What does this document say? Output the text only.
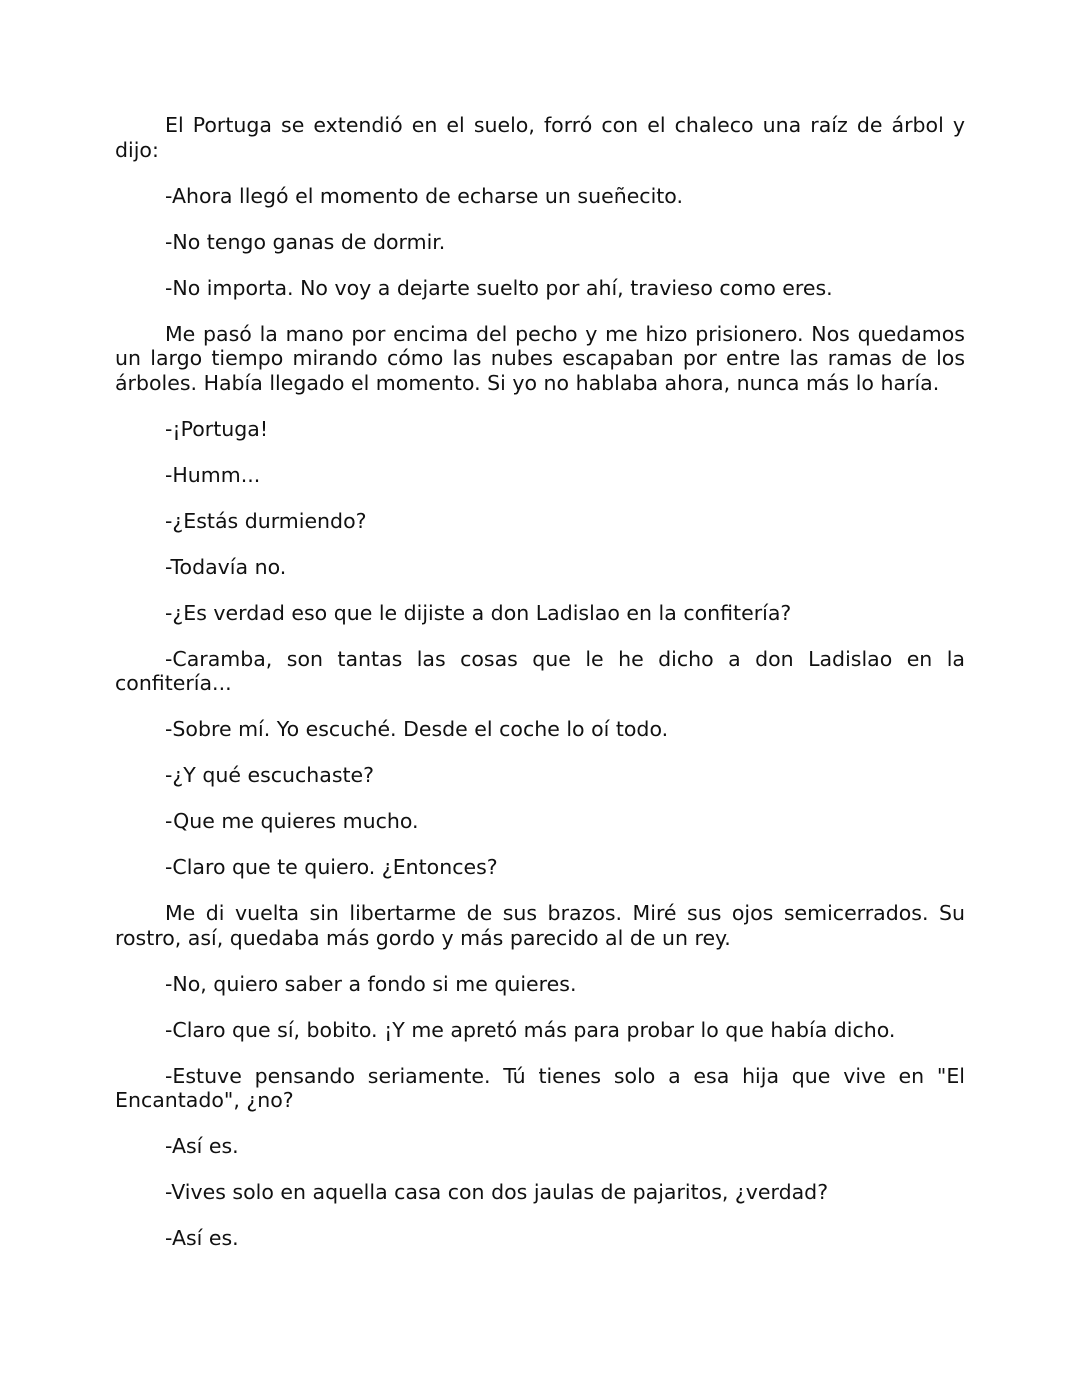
El Portuga se extendió en el suelo, forró con el chaleco una raíz de árbol y dijo:

-Ahora llegó el momento de echarse un sueñecito.

-No tengo ganas de dormir.

-No importa. No voy a dejarte suelto por ahí, travieso como eres.

Me pasó la mano por encima del pecho y me hizo prisionero. Nos quedamos un largo tiempo mirando cómo las nubes escapaban por entre las ramas de los árboles. Había llegado el momento. Si yo no hablaba ahora, nunca más lo haría.

-¡Portuga!

-Humm...

-¿Estás durmiendo?

-Todavía no.

-¿Es verdad eso que le dijiste a don Ladislao en la confitería?

-Caramba, son tantas las cosas que le he dicho a don Ladislao en la confitería...

-Sobre mí. Yo escuché. Desde el coche lo oí todo.

-¿Y qué escuchaste?

-Que me quieres mucho.

-Claro que te quiero. ¿Entonces?

Me di vuelta sin libertarme de sus brazos. Miré sus ojos semicerrados. Su rostro, así, quedaba más gordo y más parecido al de un rey.

-No, quiero saber a fondo si me quieres.

-Claro que sí, bobito. ¡Y me apretó más para probar lo que había dicho.

-Estuve pensando seriamente. Tú tienes solo a esa hija que vive en "El Encantado", ¿no?

-Así es.

-Vives solo en aquella casa con dos jaulas de pajaritos, ¿verdad?

-Así es.
